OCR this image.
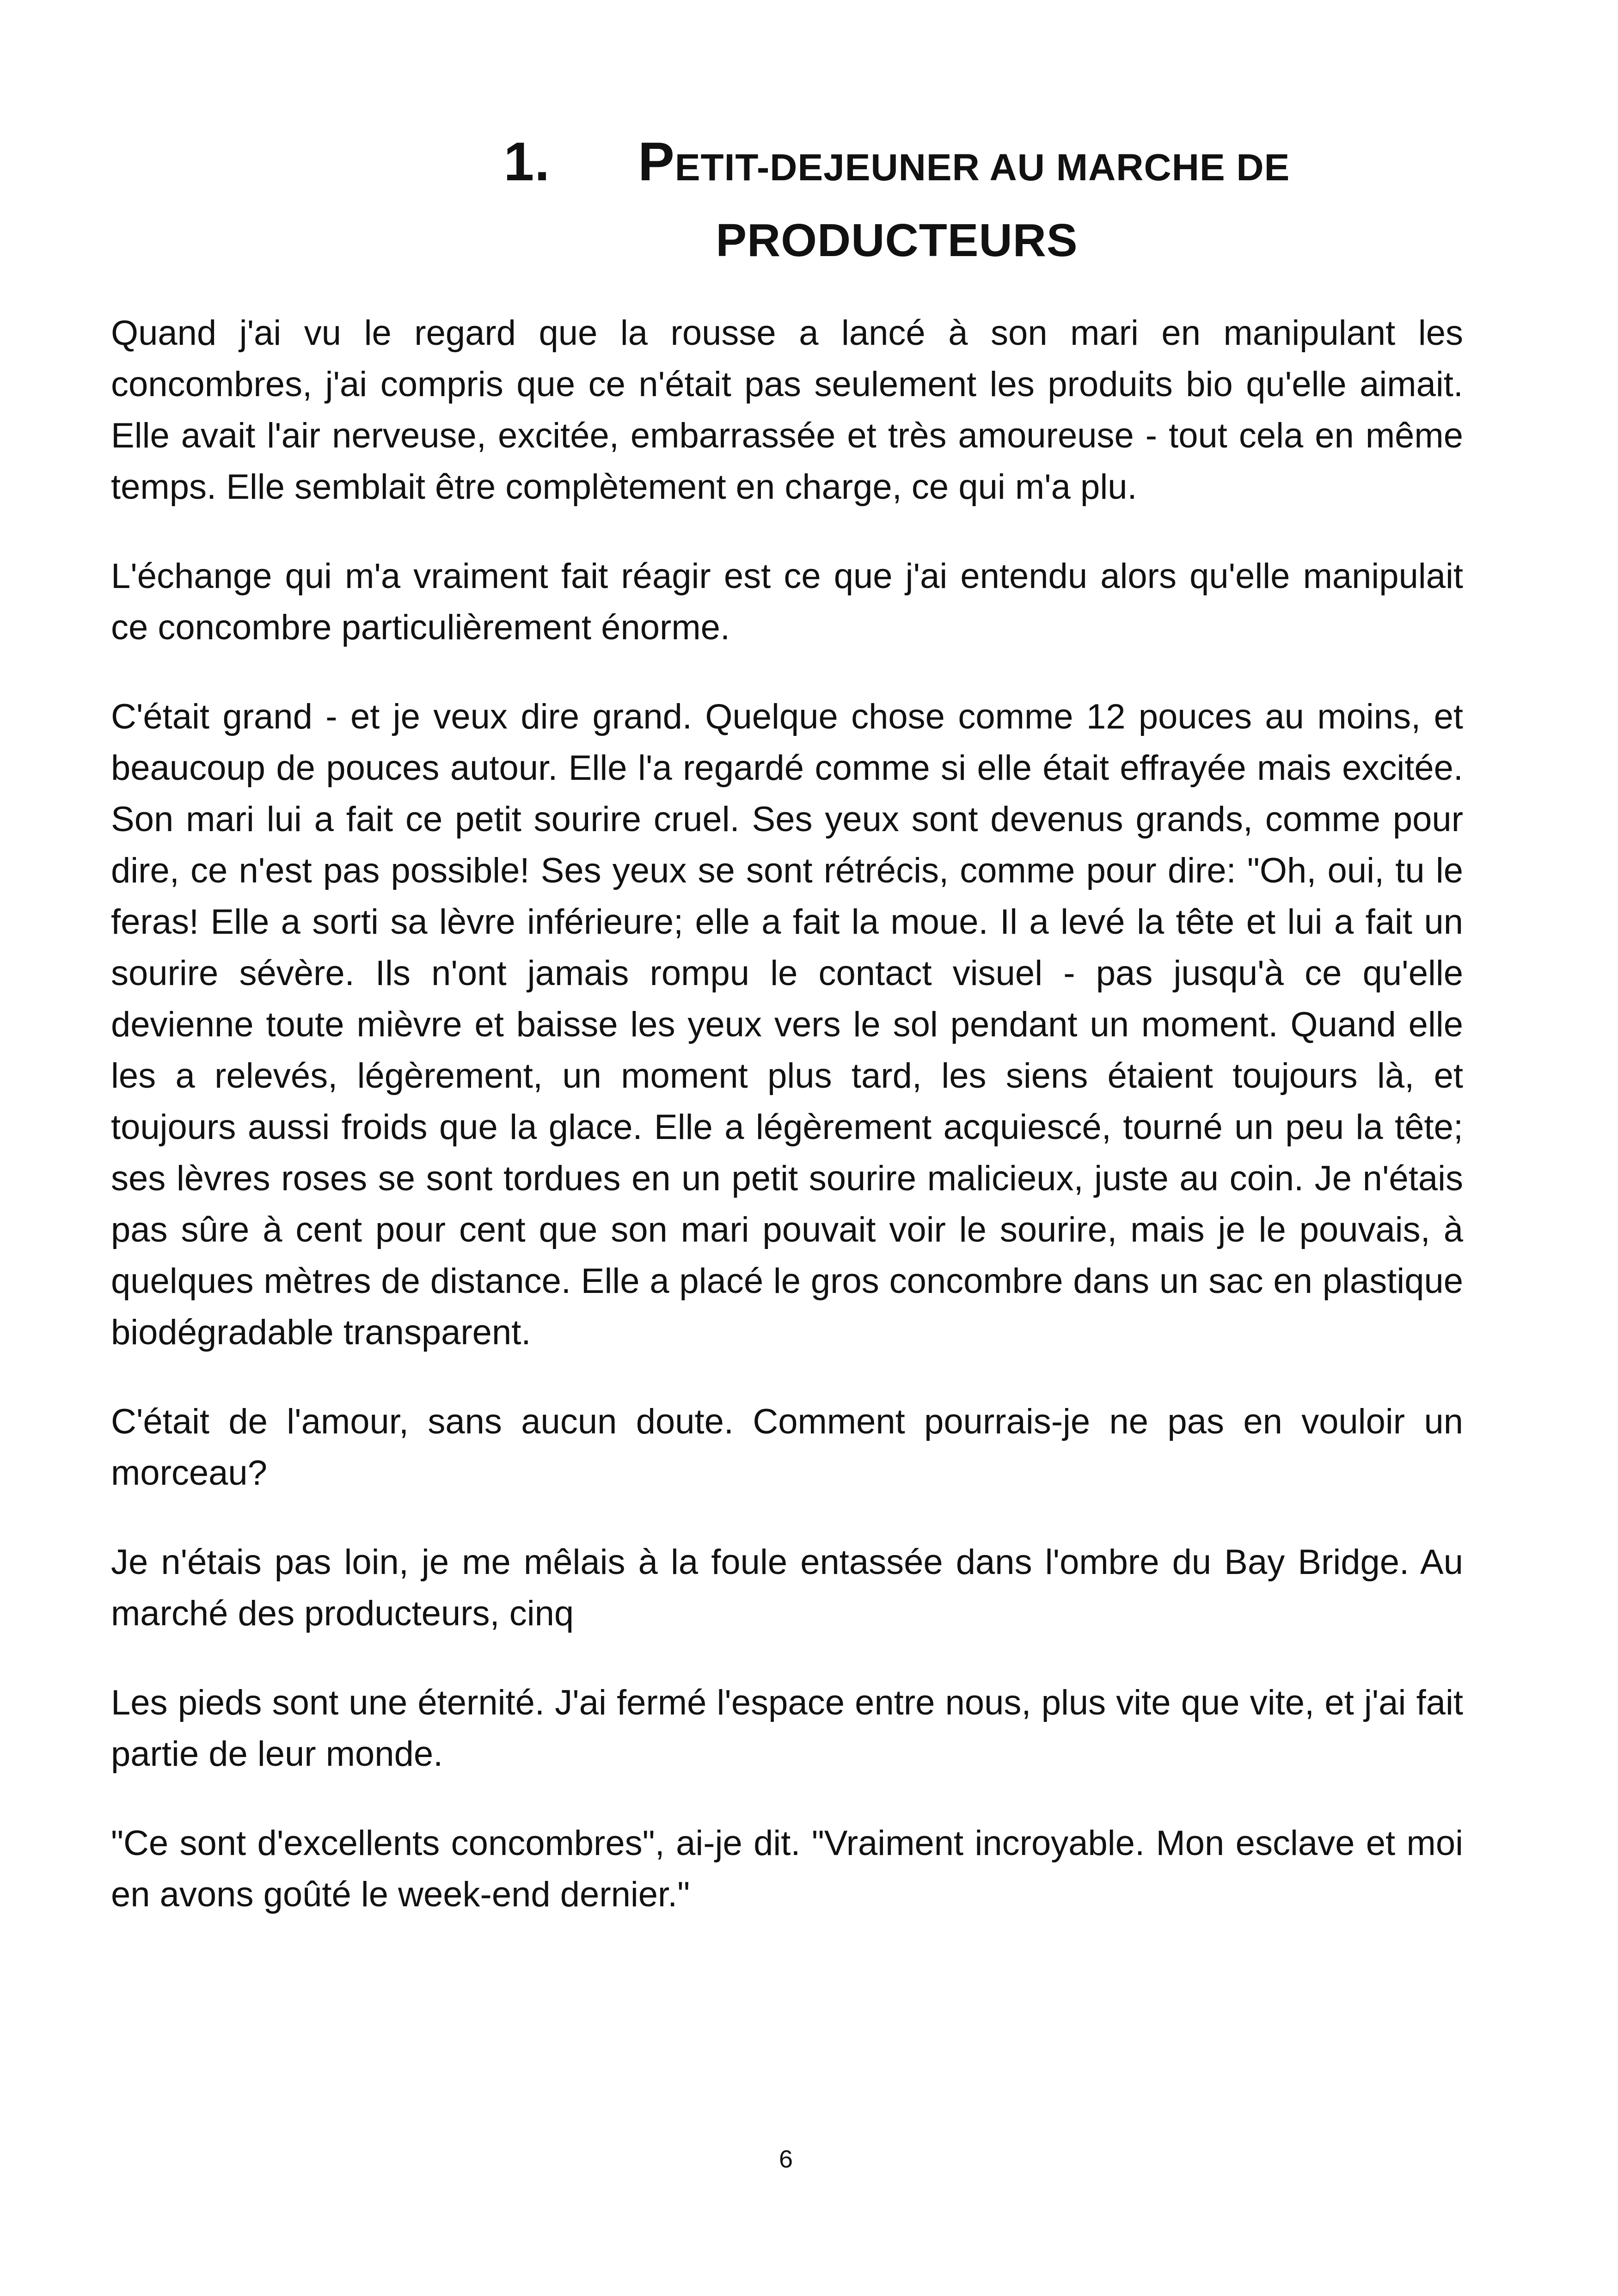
1. PETIT-DEJEUNER AU MARCHE DE
PRODUCTEURS

Quand j'ai vu le regard que la rousse a lancé à son mari en manipulant les concombres, j'ai compris que ce n'était pas seulement les produits bio qu'elle aimait. Elle avait l'air nerveuse, excitée, embarrassée et très amoureuse - tout cela en même temps. Elle semblait être complètement en charge, ce qui m'a plu.

L'échange qui m'a vraiment fait réagir est ce que j'ai entendu alors qu'elle manipulait ce concombre particulièrement énorme.

C'était grand - et je veux dire grand. Quelque chose comme 12 pouces au moins, et beaucoup de pouces autour. Elle l'a regardé comme si elle était effrayée mais excitée. Son mari lui a fait ce petit sourire cruel. Ses yeux sont devenus grands, comme pour dire, ce n'est pas possible! Ses yeux se sont rétrécis, comme pour dire: "Oh, oui, tu le feras! Elle a sorti sa lèvre inférieure; elle a fait la moue. Il a levé la tête et lui a fait un sourire sévère. Ils n'ont jamais rompu le contact visuel - pas jusqu'à ce qu'elle devienne toute mièvre et baisse les yeux vers le sol pendant un moment. Quand elle les a relevés, légèrement, un moment plus tard, les siens étaient toujours là, et toujours aussi froids que la glace. Elle a légèrement acquiescé, tourné un peu la tête; ses lèvres roses se sont tordues en un petit sourire malicieux, juste au coin. Je n'étais pas sûre à cent pour cent que son mari pouvait voir le sourire, mais je le pouvais, à quelques mètres de distance. Elle a placé le gros concombre dans un sac en plastique biodégradable transparent.

C'était de l'amour, sans aucun doute. Comment pourrais-je ne pas en vouloir un morceau?

Je n'étais pas loin, je me mêlais à la foule entassée dans l'ombre du Bay Bridge. Au marché des producteurs, cinq

Les pieds sont une éternité. J'ai fermé l'espace entre nous, plus vite que vite, et j'ai fait partie de leur monde.

"Ce sont d'excellents concombres", ai-je dit. "Vraiment incroyable. Mon esclave et moi en avons goûté le week-end dernier."

6
